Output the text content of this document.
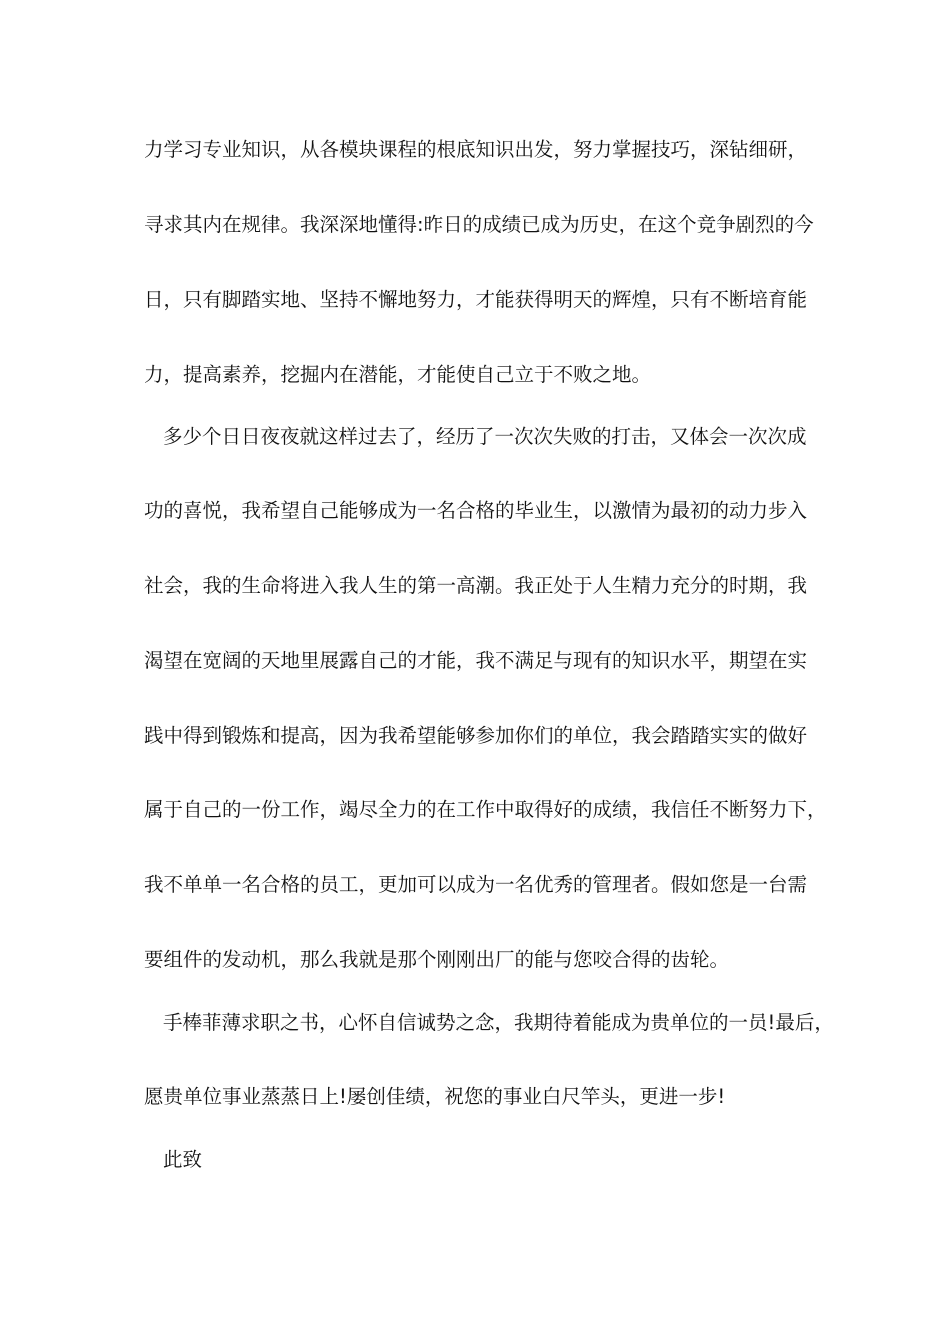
力学习专业知识，从各模块课程的根底知识出发，努力掌握技巧，深钻细研，
寻求其内在规律。我深深地懂得:昨日的成绩已成为历史，在这个竞争剧烈的今
日，只有脚踏实地、坚持不懈地努力，才能获得明天的辉煌，只有不断培育能
力，提高素养，挖掘内在潜能，才能使自己立于不败之地。
多少个日日夜夜就这样过去了，经历了一次次失败的打击，又体会一次次成
功的喜悦，我希望自己能够成为一名合格的毕业生，以激情为最初的动力步入
社会，我的生命将进入我人生的第一高潮。我正处于人生精力充分的时期，我
渴望在宽阔的天地里展露自己的才能，我不满足与现有的知识水平，期望在实
践中得到锻炼和提高，因为我希望能够参加你们的单位，我会踏踏实实的做好
属于自己的一份工作，竭尽全力的在工作中取得好的成绩，我信任不断努力下，
我不单单一名合格的员工，更加可以成为一名优秀的管理者。假如您是一台需
要组件的发动机，那么我就是那个刚刚出厂的能与您咬合得的齿轮。
手棒菲薄求职之书，心怀自信诚势之念，我期待着能成为贵单位的一员!最后，
愿贵单位事业蒸蒸日上!屡创佳绩，祝您的事业白尺竿头，更进一步!
此致
